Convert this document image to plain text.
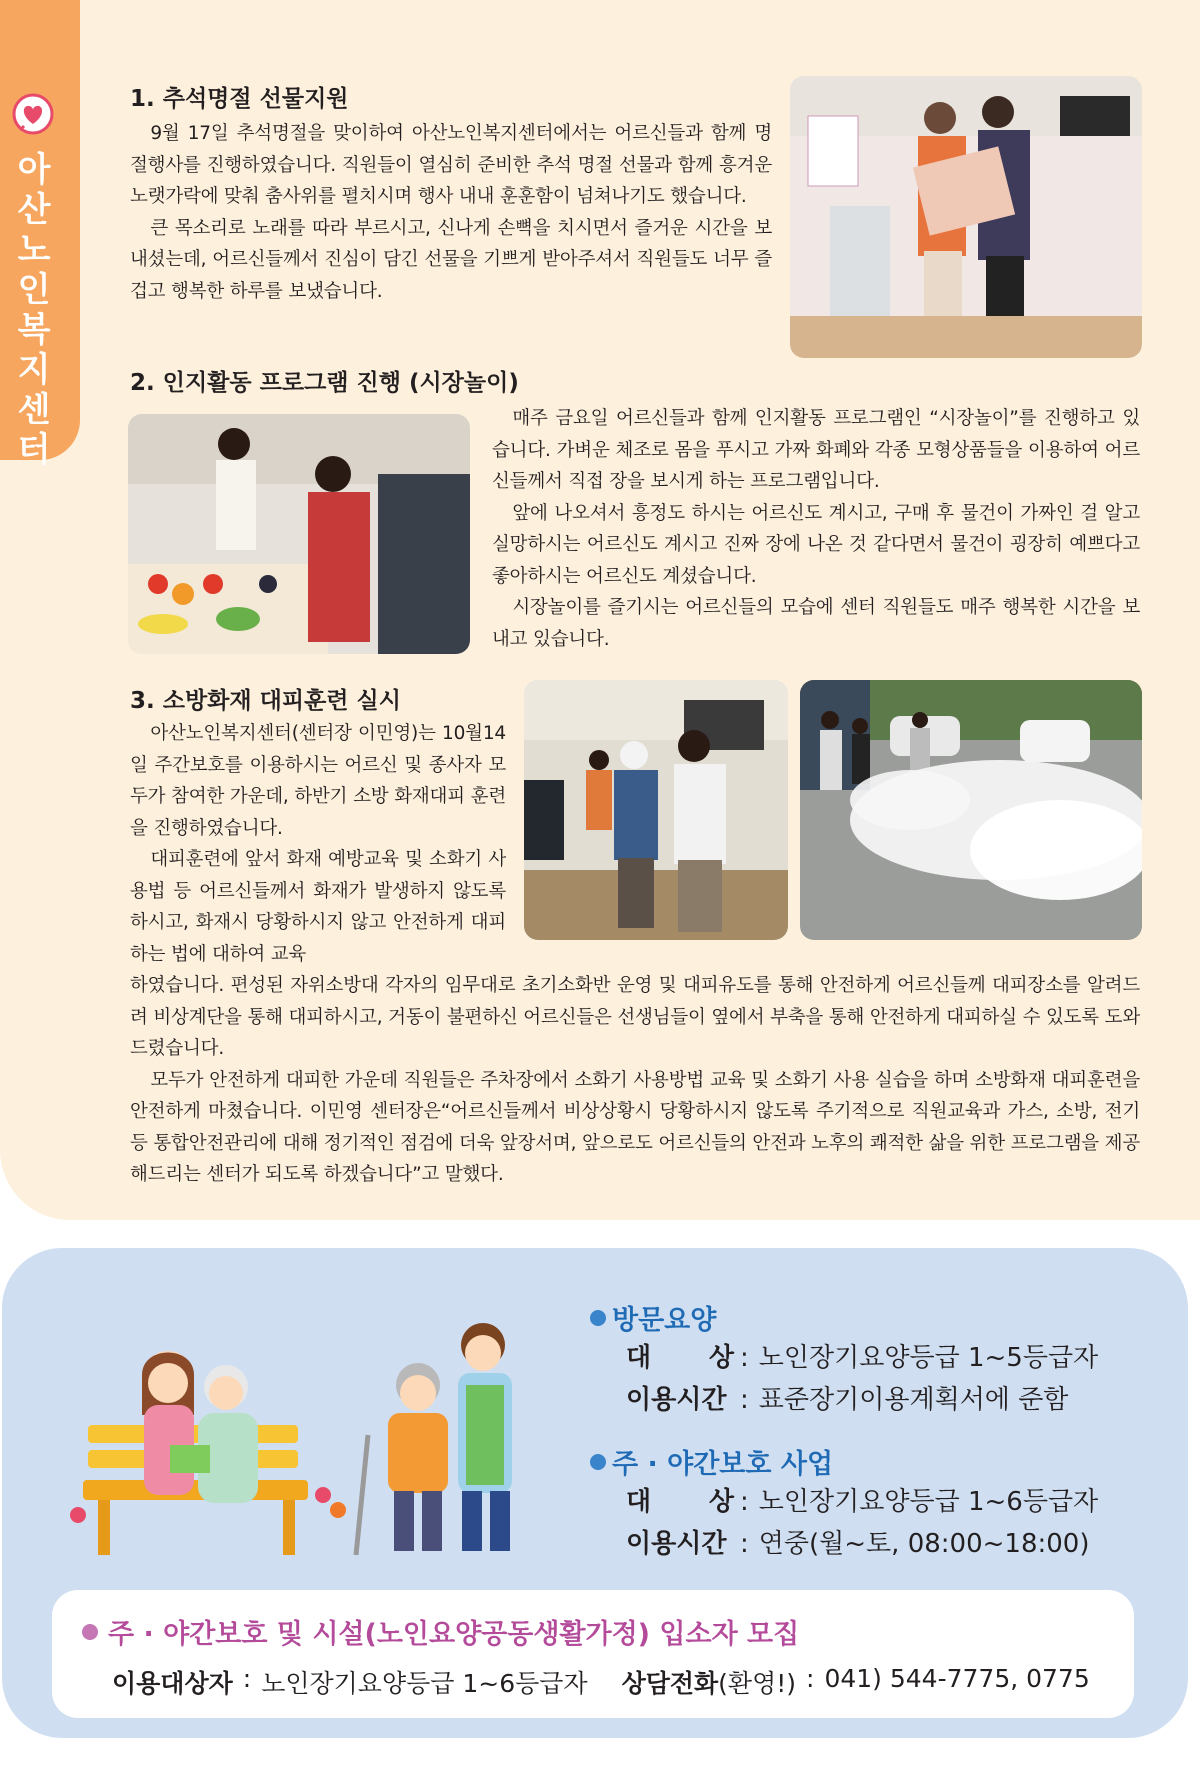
아산노인복지센터
1. 추석명절 선물지원

9월 17일 추석명절을 맞이하여 아산노인복지센터에서는 어르신들과 함께 명절행사를 진행하였습니다. 직원들이 열심히 준비한 추석 명절 선물과 함께 흥겨운 노랫가락에 맞춰 춤사위를 펼치시며 행사 내내 훈훈함이 넘쳐나기도 했습니다.

큰 목소리로 노래를 따라 부르시고, 신나게 손뼉을 치시면서 즐거운 시간을 보내셨는데, 어르신들께서 진심이 담긴 선물을 기쁘게 받아주셔서 직원들도 너무 즐겁고 행복한 하루를 보냈습니다.

2. 인지활동 프로그램 진행 (시장놀이)

매주 금요일 어르신들과 함께 인지활동 프로그램인 “시장놀이”를 진행하고 있습니다. 가벼운 체조로 몸을 푸시고 가짜 화폐와 각종 모형상품들을 이용하여 어르신들께서 직접 장을 보시게 하는 프로그램입니다.

앞에 나오셔서 흥정도 하시는 어르신도 계시고, 구매 후 물건이 가짜인 걸 알고 실망하시는 어르신도 계시고 진짜 장에 나온 것 같다면서 물건이 굉장히 예쁘다고 좋아하시는 어르신도 계셨습니다.

시장놀이를 즐기시는 어르신들의 모습에 센터 직원들도 매주 행복한 시간을 보내고 있습니다.

3. 소방화재 대피훈련 실시

아산노인복지센터(센터장 이민영)는 10월14일 주간보호를 이용하시는 어르신 및 종사자 모두가 참여한 가운데, 하반기 소방 화재대피 훈련을 진행하였습니다.

대피훈련에 앞서 화재 예방교육 및 소화기 사용법 등 어르신들께서 화재가 발생하지 않도록 하시고, 화재시 당황하시지 않고 안전하게 대피하는 법에 대하여 교육

하였습니다. 편성된 자위소방대 각자의 임무대로 초기소화반 운영 및 대피유도를 통해 안전하게 어르신들께 대피장소를 알려드려 비상계단을 통해 대피하시고, 거동이 불편하신 어르신들은 선생님들이 옆에서 부축을 통해 안전하게 대피하실 수 있도록 도와드렸습니다.

모두가 안전하게 대피한 가운데 직원들은 주차장에서 소화기 사용방법 교육 및 소화기 사용 실습을 하며 소방화재 대피훈련을 안전하게 마쳤습니다. 이민영 센터장은“어르신들께서 비상상황시 당황하시지 않도록 주기적으로 직원교육과 가스, 소방, 전기 등 통합안전관리에 대해 정기적인 점검에 더욱 앞장서며, 앞으로도 어르신들의 안전과 노후의 쾌적한 삶을 위한 프로그램을 제공해드리는 센터가 되도록 하겠습니다”고 말했다.

방문요양
대 상 : 노인장기요양등급 1~5등급자
이용시간 : 표준장기이용계획서에 준함
주 · 야간보호 사업
대 상 : 노인장기요양등급 1~6등급자
이용시간 : 연중(월~토, 08:00~18:00)
주 · 야간보호 및 시설(노인요양공동생활가정) 입소자 모집
이용대상자 : 노인장기요양등급 1~6등급자 상담전화 (환영!) : 041) 544-7775, 0775
